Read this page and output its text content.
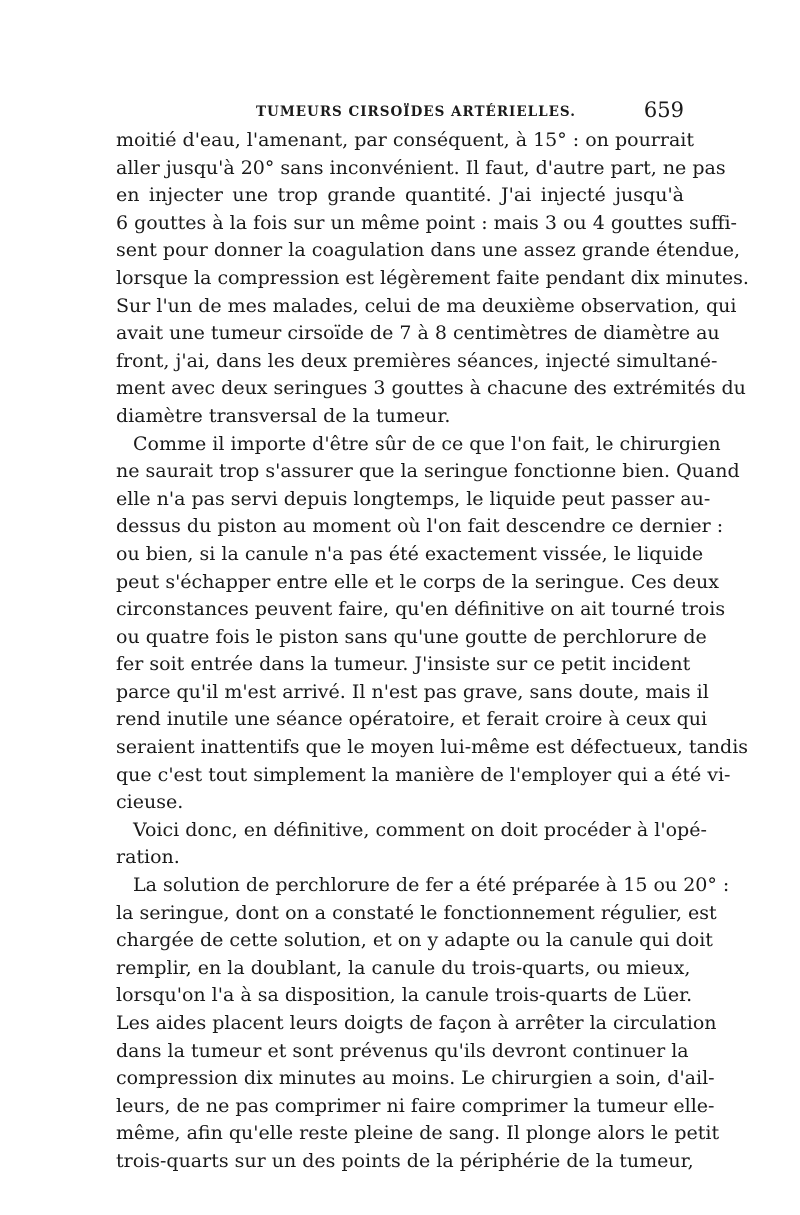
TUMEURS CIRSOÏDES ARTÉRIELLES.	659
moitié d'eau, l'amenant, par conséquent, à 15° : on pourrait
aller jusqu'à 20° sans inconvénient. Il faut, d'autre part, ne pas
en injecter une trop grande quantité. J'ai injecté jusqu'à
6 gouttes à la fois sur un même point : mais 3 ou 4 gouttes suffi-
sent pour donner la coagulation dans une assez grande étendue,
lorsque la compression est légèrement faite pendant dix minutes.
Sur l'un de mes malades, celui de ma deuxième observation, qui
avait une tumeur cirsoïde de 7 à 8 centimètres de diamètre au
front, j'ai, dans les deux premières séances, injecté simultané-
ment avec deux seringues 3 gouttes à chacune des extrémités du
diamètre transversal de la tumeur.
Comme il importe d'être sûr de ce que l'on fait, le chirurgien
ne saurait trop s'assurer que la seringue fonctionne bien. Quand
elle n'a pas servi depuis longtemps, le liquide peut passer au-
dessus du piston au moment où l'on fait descendre ce dernier :
ou bien, si la canule n'a pas été exactement vissée, le liquide
peut s'échapper entre elle et le corps de la seringue. Ces deux
circonstances peuvent faire, qu'en définitive on ait tourné trois
ou quatre fois le piston sans qu'une goutte de perchlorure de
fer soit entrée dans la tumeur. J'insiste sur ce petit incident
parce qu'il m'est arrivé. Il n'est pas grave, sans doute, mais il
rend inutile une séance opératoire, et ferait croire à ceux qui
seraient inattentifs que le moyen lui-même est défectueux, tandis
que c'est tout simplement la manière de l'employer qui a été vi-
cieuse.
Voici donc, en définitive, comment on doit procéder à l'opé-
ration.
La solution de perchlorure de fer a été préparée à 15 ou 20° :
la seringue, dont on a constaté le fonctionnement régulier, est
chargée de cette solution, et on y adapte ou la canule qui doit
remplir, en la doublant, la canule du trois-quarts, ou mieux,
lorsqu'on l'a à sa disposition, la canule trois-quarts de Lüer.
Les aides placent leurs doigts de façon à arrêter la circulation
dans la tumeur et sont prévenus qu'ils devront continuer la
compression dix minutes au moins. Le chirurgien a soin, d'ail-
leurs, de ne pas comprimer ni faire comprimer la tumeur elle-
même, afin qu'elle reste pleine de sang. Il plonge alors le petit
trois-quarts sur un des points de la périphérie de la tumeur,
